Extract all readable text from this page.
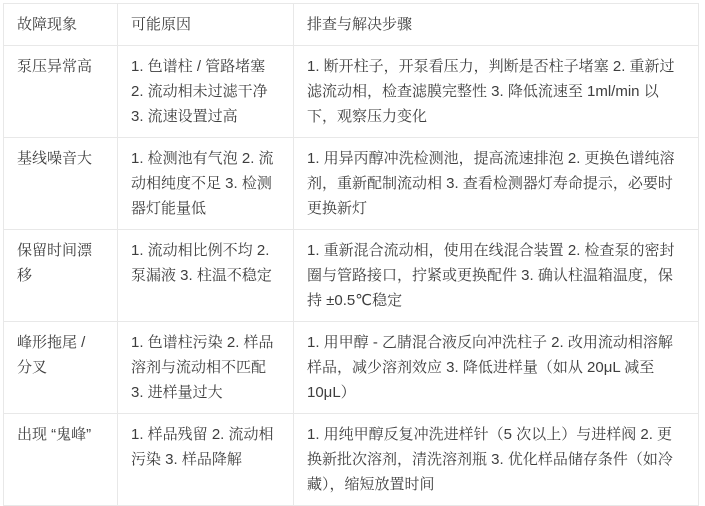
故障现象	可能原因	排查与解决步骤
泵压异常高	1. 色谱柱 / 管路堵塞 2. 流动相未过滤干净 3. 流速设置过高	1. 断开柱子，开泵看压力，判断是否柱子堵塞 2. 重新过滤流动相，检查滤膜完整性 3. 降低流速至 1ml/min 以下，观察压力变化
基线噪音大	1. 检测池有气泡 2. 流动相纯度不足 3. 检测器灯能量低	1. 用异丙醇冲洗检测池，提高流速排泡 2. 更换色谱纯溶剂，重新配制流动相 3. 查看检测器灯寿命提示，必要时更换新灯
保留时间漂移	1. 流动相比例不均 2. 泵漏液 3. 柱温不稳定	1. 重新混合流动相，使用在线混合装置 2. 检查泵的密封圈与管路接口，拧紧或更换配件 3. 确认柱温箱温度，保持 ±0.5℃稳定
峰形拖尾 / 分叉	1. 色谱柱污染 2. 样品溶剂与流动相不匹配 3. 进样量过大	1. 用甲醇 - 乙腈混合液反向冲洗柱子 2. 改用流动相溶解样品，减少溶剂效应 3. 降低进样量（如从 20μL 减至 10μL）
出现 “鬼峰”	1. 样品残留 2. 流动相污染 3. 样品降解	1. 用纯甲醇反复冲洗进样针（5 次以上）与进样阀 2. 更换新批次溶剂，清洗溶剂瓶 3. 优化样品储存条件（如冷藏），缩短放置时间
